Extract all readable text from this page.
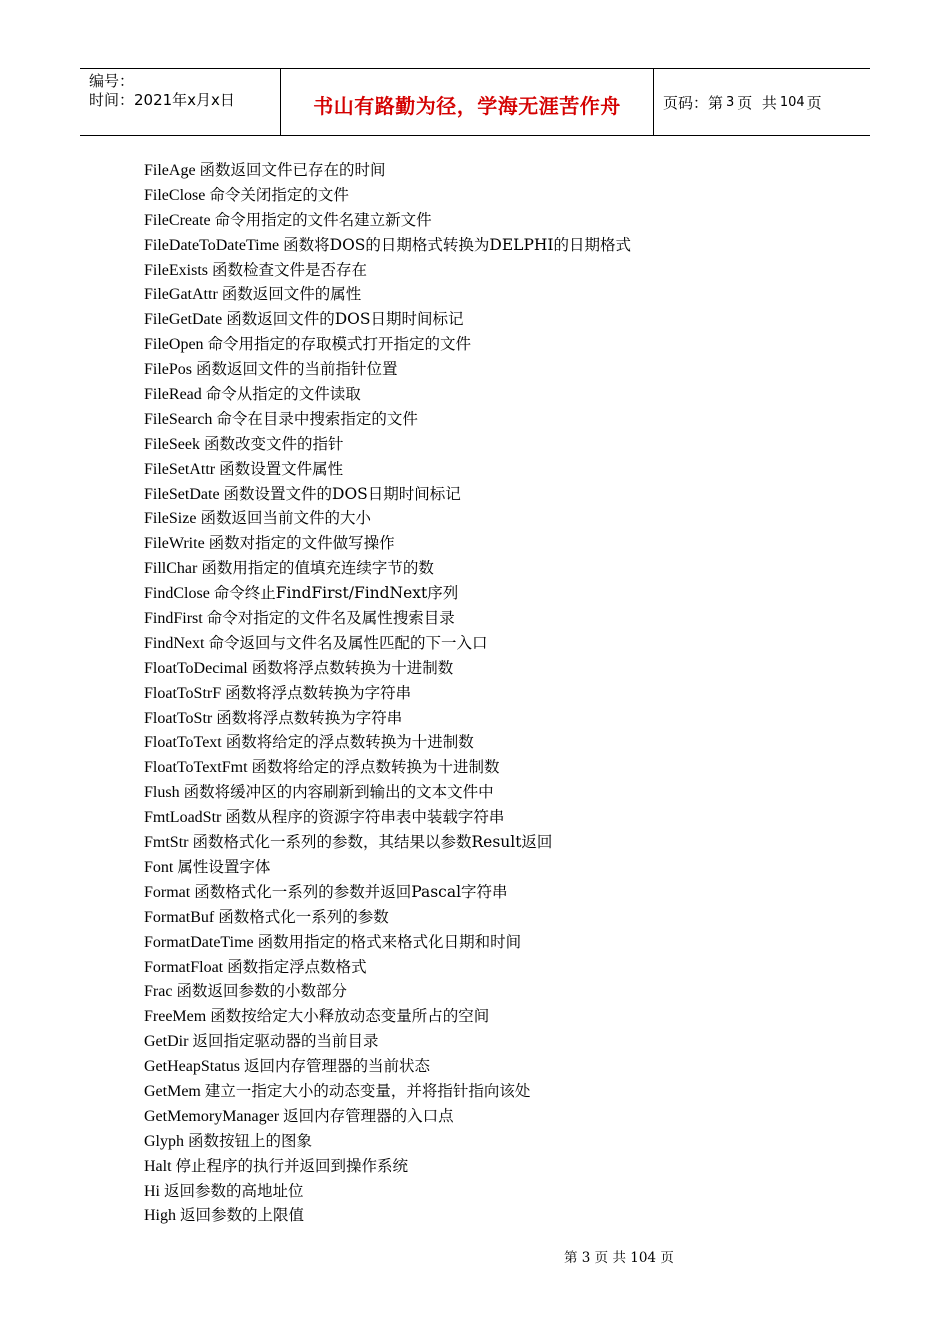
编号：
时间：2021年x月x日	书山有路勤为径，学海无涯苦作舟	页码：第 3 页  共 104 页
FileAge 函数返回文件已存在的时间
FileClose 命令关闭指定的文件
FileCreate 命令用指定的文件名建立新文件
FileDateToDateTime 函数将DOS的日期格式转换为DELPHI的日期格式
FileExists 函数检查文件是否存在
FileGatAttr 函数返回文件的属性
FileGetDate 函数返回文件的DOS日期时间标记
FileOpen 命令用指定的存取模式打开指定的文件
FilePos 函数返回文件的当前指针位置
FileRead 命令从指定的文件读取
FileSearch 命令在目录中搜索指定的文件
FileSeek 函数改变文件的指针
FileSetAttr 函数设置文件属性
FileSetDate 函数设置文件的DOS日期时间标记
FileSize 函数返回当前文件的大小
FileWrite 函数对指定的文件做写操作
FillChar 函数用指定的值填充连续字节的数
FindClose 命令终止FindFirst/FindNext序列
FindFirst 命令对指定的文件名及属性搜索目录
FindNext 命令返回与文件名及属性匹配的下一入口
FloatToDecimal 函数将浮点数转换为十进制数
FloatToStrF 函数将浮点数转换为字符串
FloatToStr 函数将浮点数转换为字符串
FloatToText 函数将给定的浮点数转换为十进制数
FloatToTextFmt 函数将给定的浮点数转换为十进制数
Flush 函数将缓冲区的内容刷新到输出的文本文件中
FmtLoadStr 函数从程序的资源字符串表中装载字符串
FmtStr 函数格式化一系列的参数，其结果以参数Result返回
Font 属性设置字体
Format 函数格式化一系列的参数并返回Pascal字符串
FormatBuf 函数格式化一系列的参数
FormatDateTime 函数用指定的格式来格式化日期和时间
FormatFloat 函数指定浮点数格式
Frac 函数返回参数的小数部分
FreeMem 函数按给定大小释放动态变量所占的空间
GetDir 返回指定驱动器的当前目录
GetHeapStatus 返回内存管理器的当前状态
GetMem 建立一指定大小的动态变量，并将指针指向该处
GetMemoryManager 返回内存管理器的入口点
Glyph 函数按钮上的图象
Halt 停止程序的执行并返回到操作系统
Hi 返回参数的高地址位
High 返回参数的上限值
第 3 页 共 104 页
